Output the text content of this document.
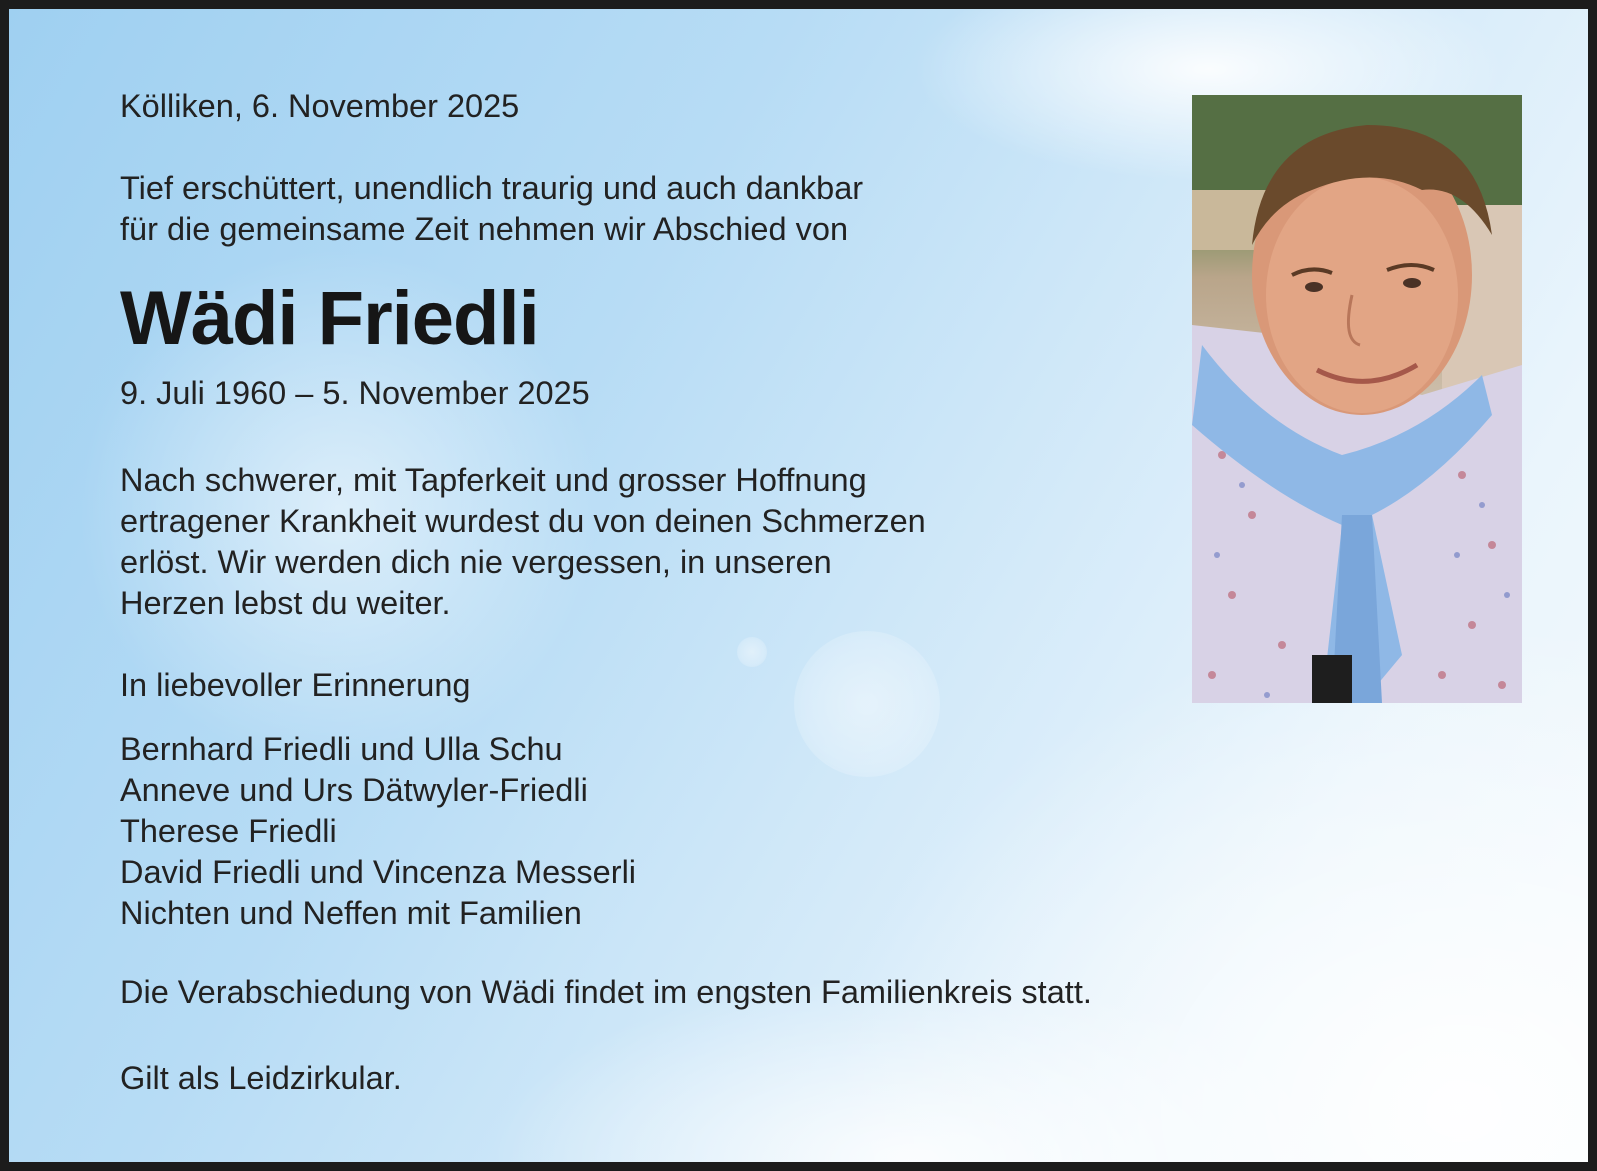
Kölliken, 6. November 2025

Tief erschüttert, unendlich traurig und auch dankbar
für die gemeinsame Zeit nehmen wir Abschied von

Wädi Friedli

9. Juli 1960 – 5. November 2025

Nach schwerer, mit Tapferkeit und grosser Hoffnung
ertragener Krankheit wurdest du von deinen Schmerzen
erlöst. Wir werden dich nie vergessen, in unseren
Herzen lebst du weiter.

In liebevoller Erinnerung

Bernhard Friedli und Ulla Schu
Anneve und Urs Dätwyler-Friedli
Therese Friedli
David Friedli und Vincenza Messerli
Nichten und Neffen mit Familien

Die Verabschiedung von Wädi findet im engsten Familienkreis statt.

Gilt als Leidzirkular.
